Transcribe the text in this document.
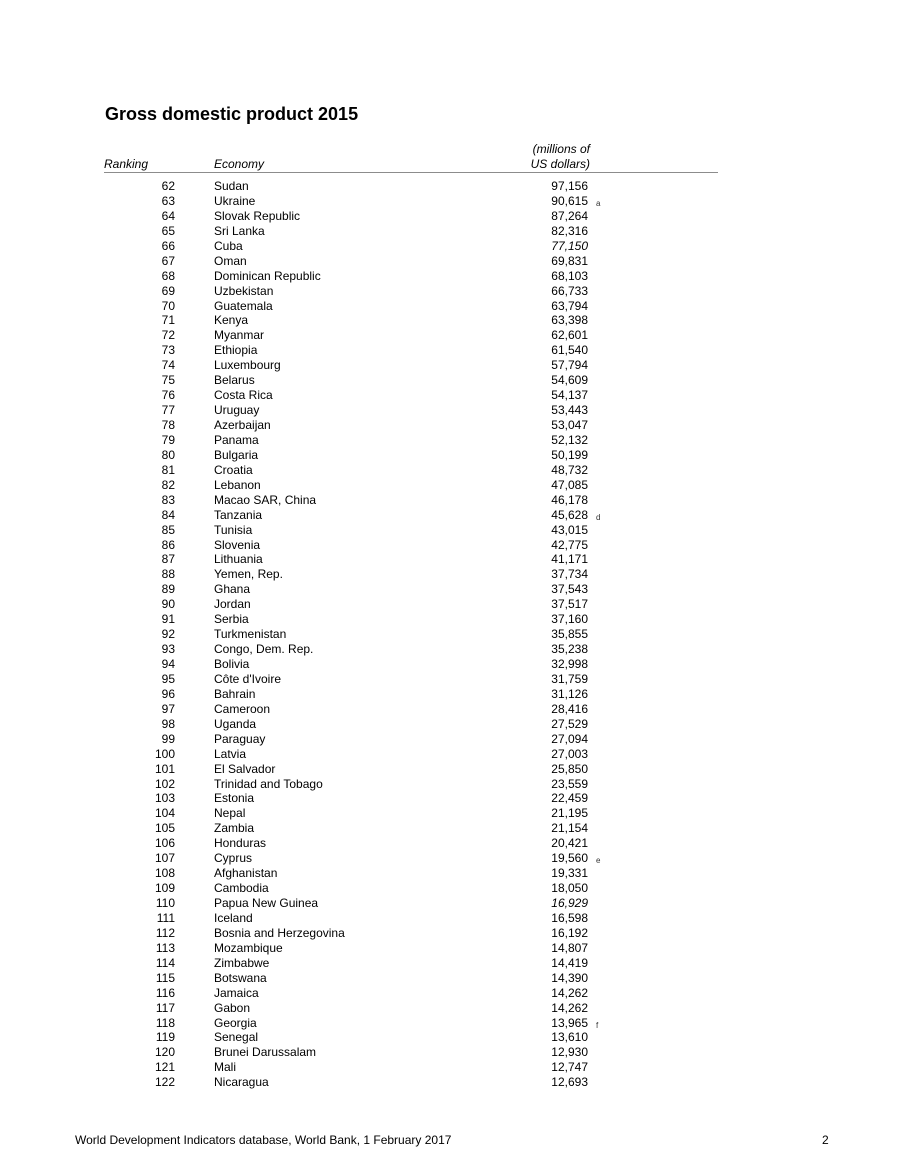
Gross domestic product 2015
Ranking	Economy
(millions of
US dollars)
62	Sudan	97,156
63	Ukraine	90,615 a
64	Slovak Republic	87,264
65	Sri Lanka	82,316
66	Cuba	77,150
67	Oman	69,831
68	Dominican Republic	68,103
69	Uzbekistan	66,733
70	Guatemala	63,794
71	Kenya	63,398
72	Myanmar	62,601
73	Ethiopia	61,540
74	Luxembourg	57,794
75	Belarus	54,609
76	Costa Rica	54,137
77	Uruguay	53,443
78	Azerbaijan	53,047
79	Panama	52,132
80	Bulgaria	50,199
81	Croatia	48,732
82	Lebanon	47,085
83	Macao SAR, China	46,178
84	Tanzania	45,628 d
85	Tunisia	43,015
86	Slovenia	42,775
87	Lithuania	41,171
88	Yemen, Rep.	37,734
89	Ghana	37,543
90	Jordan	37,517
91	Serbia	37,160
92	Turkmenistan	35,855
93	Congo, Dem. Rep.	35,238
94	Bolivia	32,998
95	Côte d'Ivoire	31,759
96	Bahrain	31,126
97	Cameroon	28,416
98	Uganda	27,529
99	Paraguay	27,094
100	Latvia	27,003
101	El Salvador	25,850
102	Trinidad and Tobago	23,559
103	Estonia	22,459
104	Nepal	21,195
105	Zambia	21,154
106	Honduras	20,421
107	Cyprus	19,560 e
108	Afghanistan	19,331
109	Cambodia	18,050
110	Papua New Guinea	16,929
111	Iceland	16,598
112	Bosnia and Herzegovina	16,192
113	Mozambique	14,807
114	Zimbabwe	14,419
115	Botswana	14,390
116	Jamaica	14,262
117	Gabon	14,262
118	Georgia	13,965 f
119	Senegal	13,610
120	Brunei Darussalam	12,930
121	Mali	12,747
122	Nicaragua	12,693
World Development Indicators database, World Bank, 1 February 2017	2
